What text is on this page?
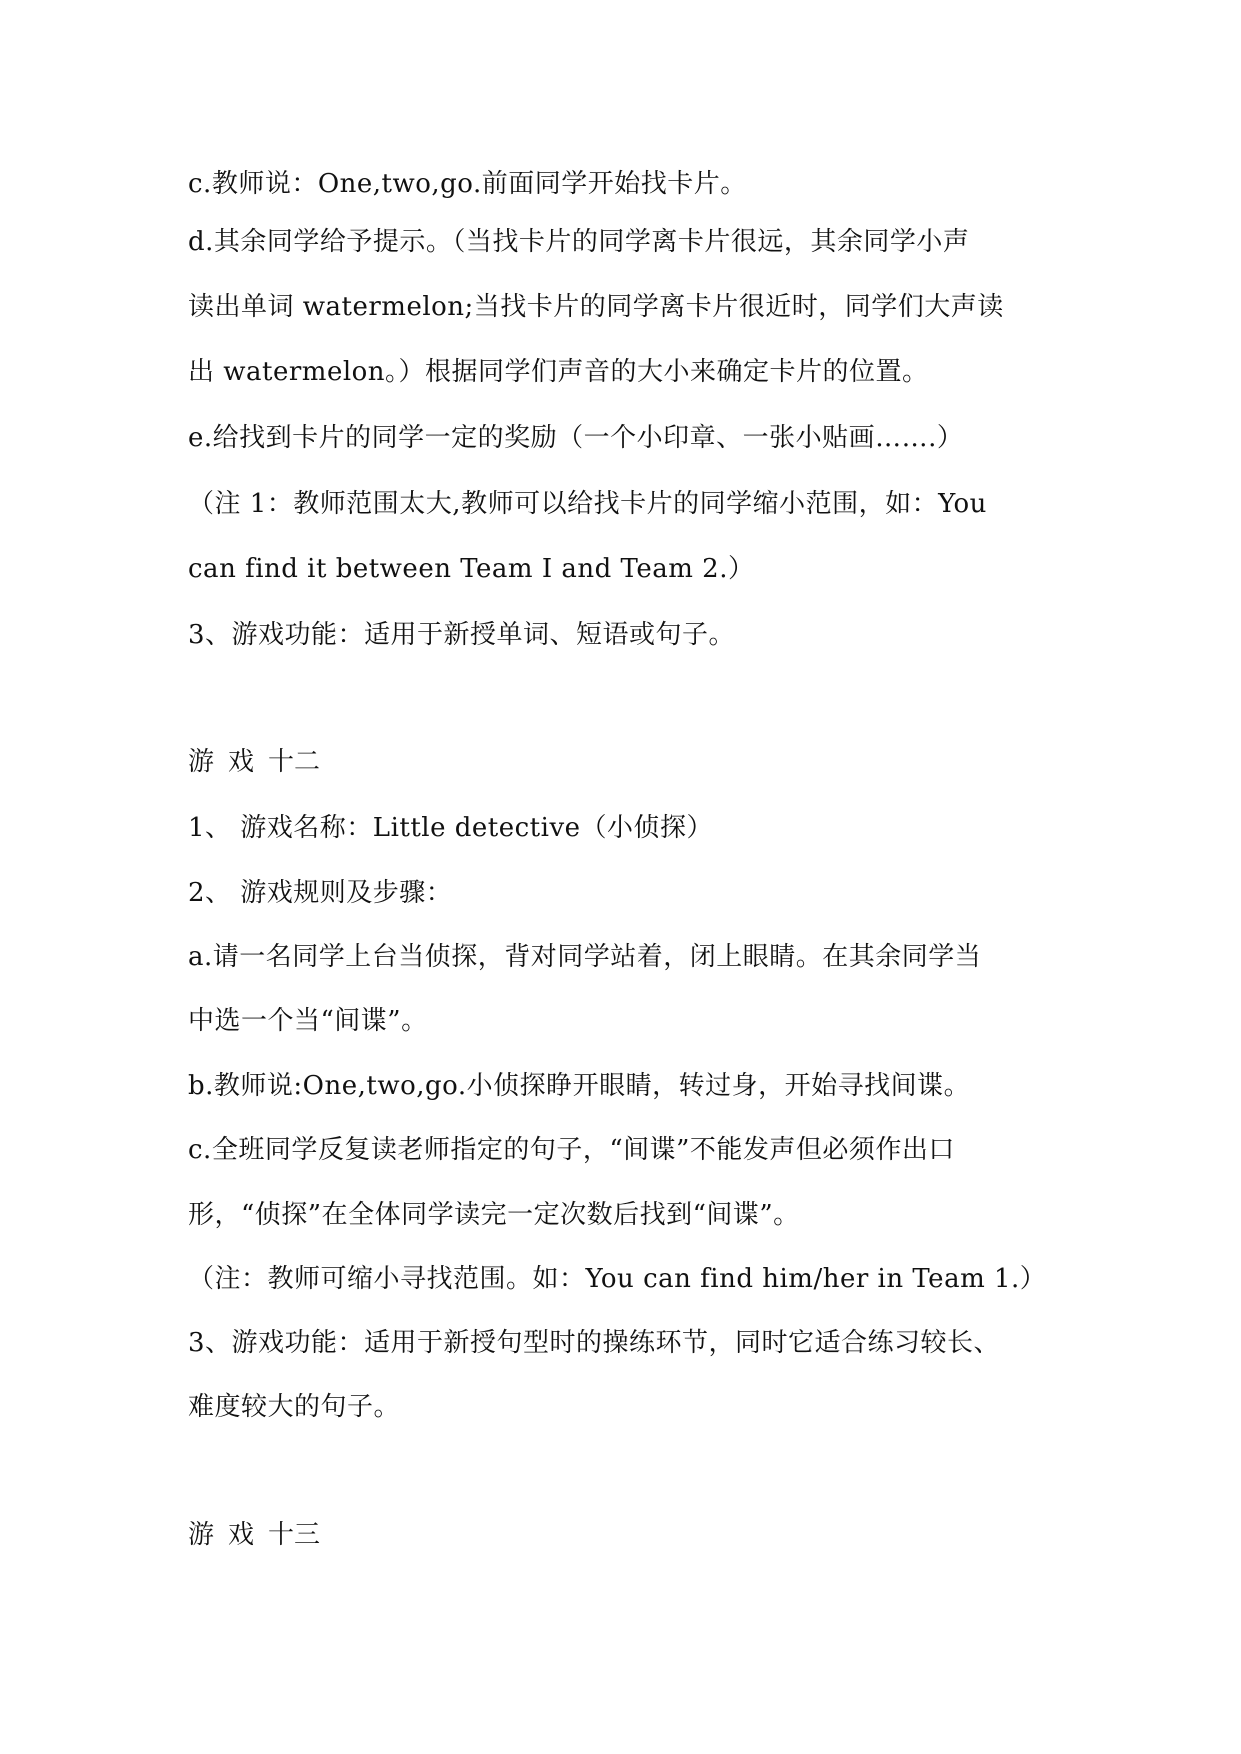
c.教师说：One,two,go.前面同学开始找卡片。
d.其余同学给予提示。（当找卡片的同学离卡片很远，其余同学小声
读出单词 watermelon;当找卡片的同学离卡片很近时，同学们大声读
出 watermelon。）根据同学们声音的大小来确定卡片的位置。
e.给找到卡片的同学一定的奖励（一个小印章、一张小贴画…….）
（注 1：教师范围太大,教师可以给找卡片的同学缩小范围，如：You
can find it between Team I and Team 2.）
3、游戏功能：适用于新授单词、短语或句子。
游 戏 十二
1、 游戏名称：Little detective（小侦探）
2、 游戏规则及步骤：
a.请一名同学上台当侦探，背对同学站着，闭上眼睛。在其余同学当
中选一个当“间谍”。
b.教师说:One,two,go.小侦探睁开眼睛，转过身，开始寻找间谍。
c.全班同学反复读老师指定的句子，“间谍”不能发声但必须作出口
形，“侦探”在全体同学读完一定次数后找到“间谍”。
（注：教师可缩小寻找范围。如：You can find him/her in Team 1.）
3、游戏功能：适用于新授句型时的操练环节，同时它适合练习较长、
难度较大的句子。
游 戏 十三
